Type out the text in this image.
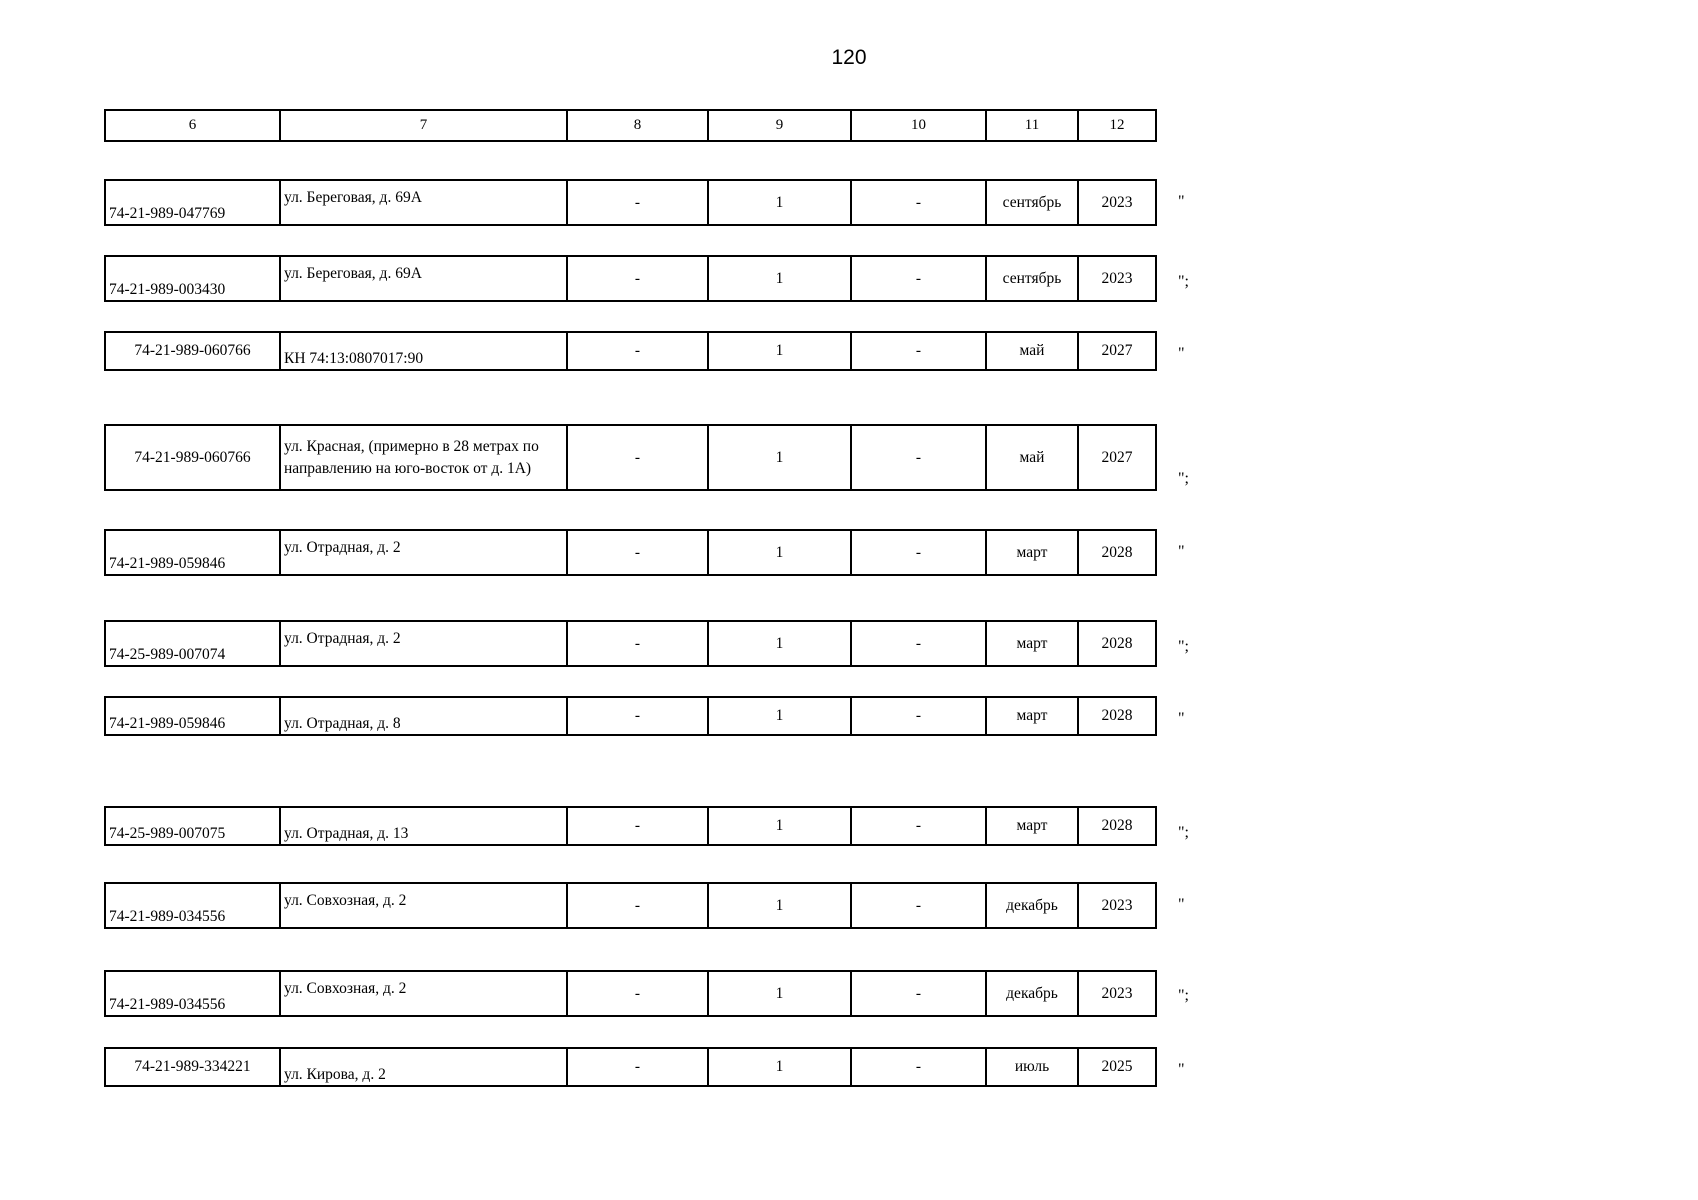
120
6	7	8	9	10	11	12
74-21-989-047769	ул. Береговая, д. 69А	-	1	-	сентябрь	2023	"
74-21-989-003430	ул. Береговая, д. 69А	-	1	-	сентябрь	2023	";
74-21-989-060766	КН 74:13:0807017:90	-	1	-	май	2027	"
74-21-989-060766	ул. Красная, (примерно в 28 метрах по направлению на юго-восток от д. 1А)	-	1	-	май	2027
";
74-21-989-059846	ул. Отрадная, д. 2	-	1	-	март	2028	"
74-25-989-007074	ул. Отрадная, д. 2	-	1	-	март	2028	";
74-21-989-059846	ул. Отрадная, д. 8	-	1	-	март	2028	"
74-25-989-007075	ул. Отрадная, д. 13	-	1	-	март	2028	";
74-21-989-034556	ул. Совхозная, д. 2	-	1	-	декабрь	2023	"
74-21-989-034556	ул. Совхозная, д. 2	-	1	-	декабрь	2023	";
74-21-989-334221	ул. Кирова, д. 2	-	1	-	июль	2025	"
